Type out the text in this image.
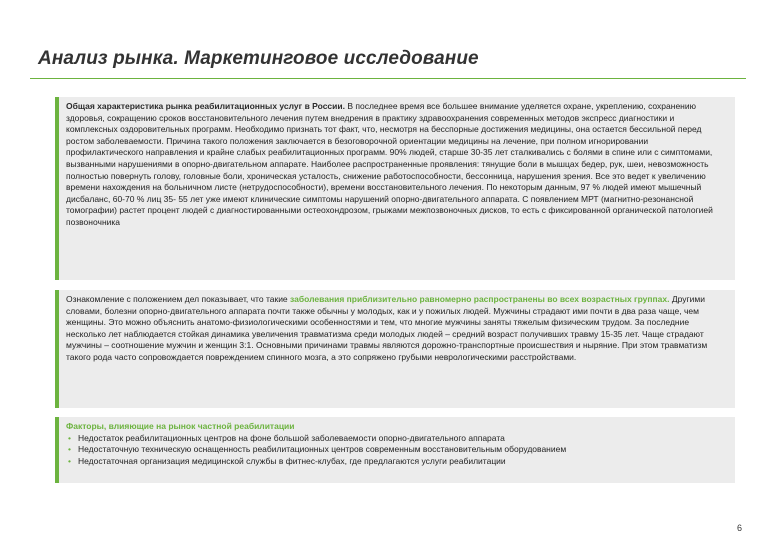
Анализ рынка. Маркетинговое исследование

Общая характеристика рынка реабилитационных услуг в России. В последнее время все большее внимание уделяется охране, укреплению, сохранению здоровья, сокращению сроков восстановительного лечения путем внедрения в практику здравоохранения современных методов экспресс диагностики и комплексных оздоровительных программ. Необходимо признать тот факт, что, несмотря на бесспорные достижения медицины, она остается бессильной перед ростом заболеваемости. Причина такого положения заключается в безоговорочной ориентации медицины на лечение, при полном игнорировании профилактического направления и крайне слабых реабилитационных программ. 90% людей, старше 30-35 лет сталкивались с болями в спине или с симптомами, вызванными нарушениями в опорно-двигательном аппарате. Наиболее распространенные проявления: тянущие боли в мышцах бедер, рук, шеи, невозможность полностью повернуть голову, головные боли, хроническая усталость, снижение работоспособности, бессонница, нарушения зрения. Все это ведет к увеличению времени нахождения на больничном листе (нетрудоспособности), времени восстановительного лечения. По некоторым данным, 97 % людей имеют мышечный дисбаланс, 60-70 % лиц 35- 55 лет уже имеют клинические симптомы нарушений опорно-двигательного аппарата. С появлением МРТ (магнитно-резонансной томографии) растет процент людей с диагностированными остеохондрозом, грыжами межпозвоночных дисков, то есть с фиксированной органической патологией позвоночника

Ознакомление с положением дел показывает, что такие заболевания приблизительно равномерно распространены во всех возрастных группах. Другими словами, болезни опорно-двигательного аппарата почти также обычны у молодых, как и у пожилых людей. Мужчины страдают ими почти в два раза чаще, чем женщины. Это можно объяснить анатомо-физиологическими особенностями и тем, что многие мужчины заняты тяжелым физическим трудом. За последние несколько лет наблюдается стойкая динамика увеличения травматизма среди молодых людей – средний возраст получивших травму 15-35 лет. Чаще страдают мужчины – соотношение мужчин и женщин 3:1. Основными причинами травмы являются дорожно-транспортные происшествия и ныряние. При этом травматизм такого рода часто сопровождается повреждением спинного мозга, а это сопряжено грубыми неврологическими расстройствами.

Факторы, влияющие на рынок частной реабилитации
• Недостаток реабилитационных центров на фоне большой заболеваемости опорно-двигательного аппарата
• Недостаточную техническую оснащенность реабилитационных центров современным восстановительным оборудованием
• Недостаточная организация медицинской службы в фитнес-клубах, где предлагаются услуги реабилитации
6
